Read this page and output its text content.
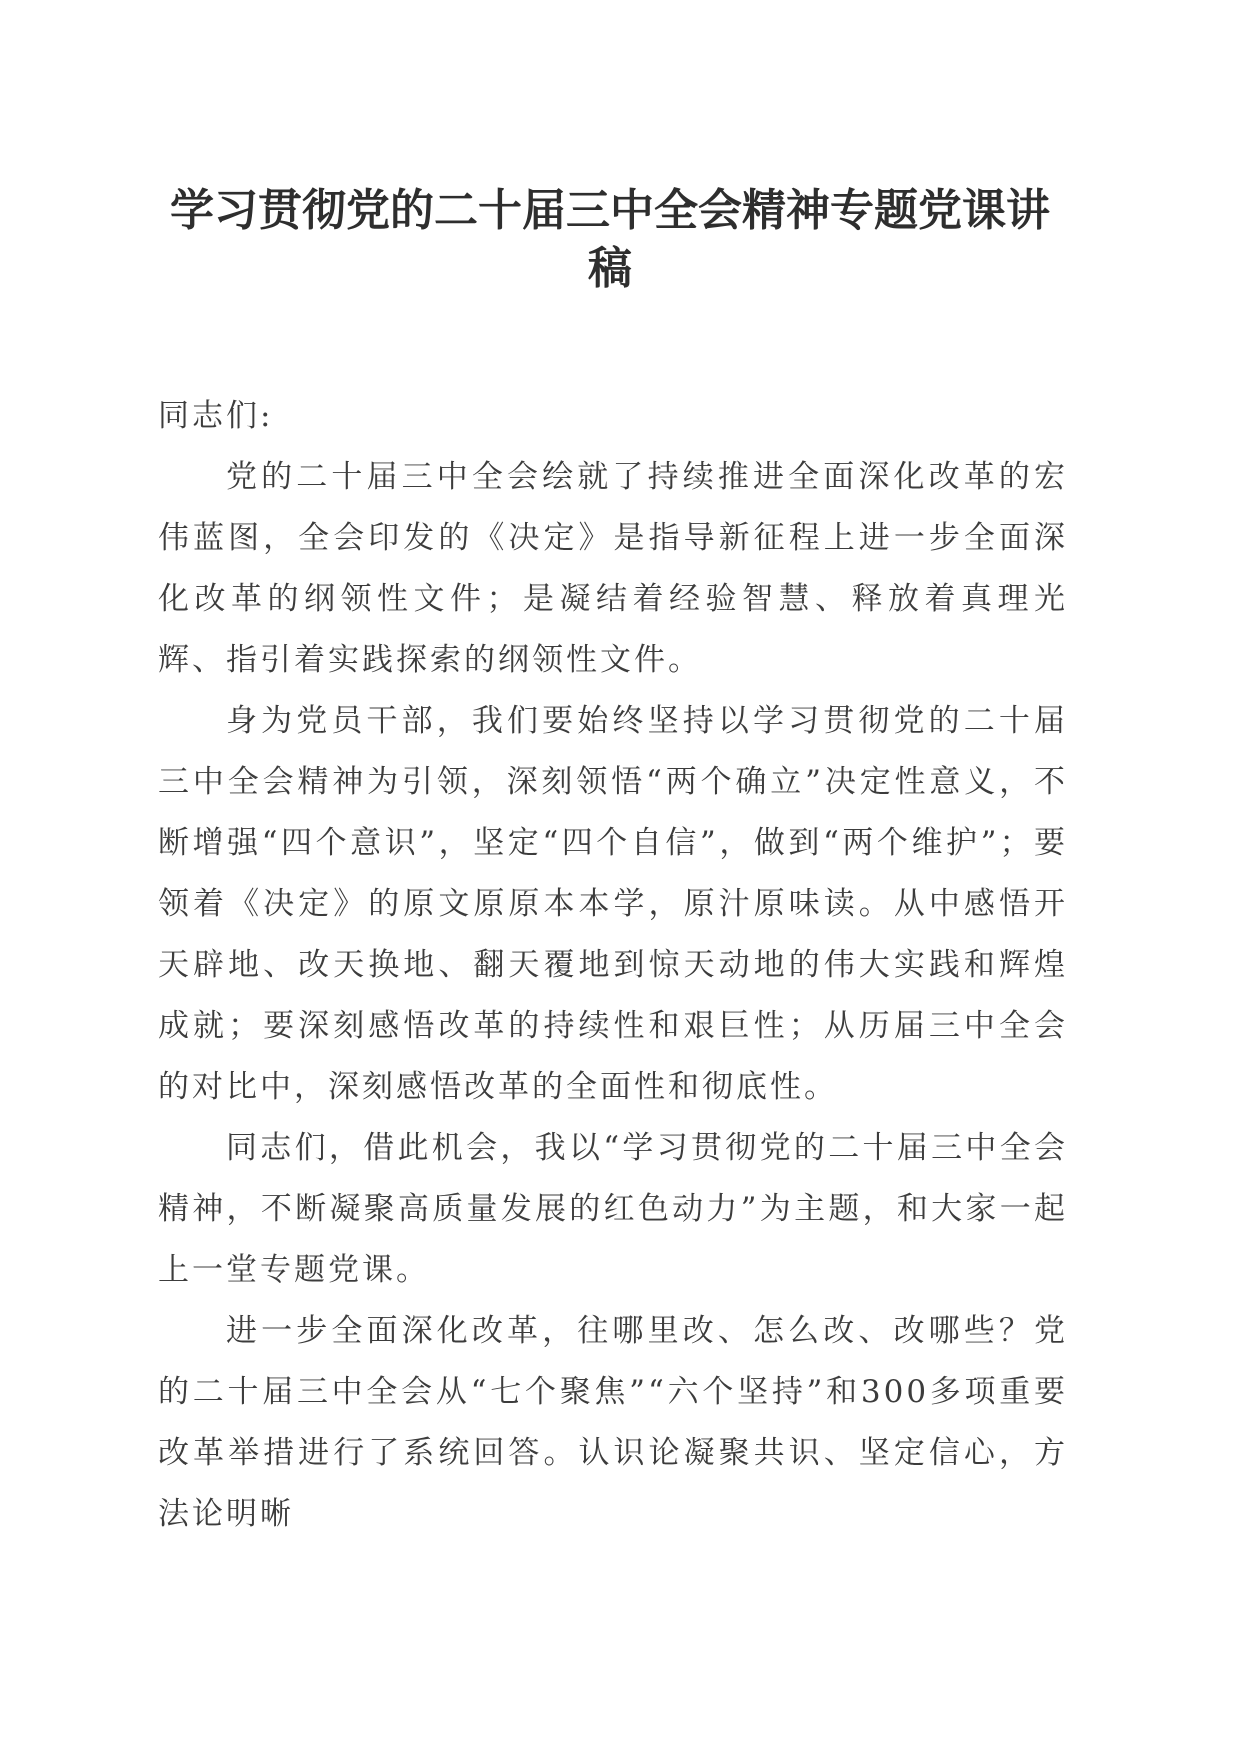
学习贯彻党的二十届三中全会精神专题党课讲稿

同志们:

党的二十届三中全会绘就了持续推进全面深化改革的宏伟蓝图，全会印发的《决定》是指导新征程上进一步全面深化改革的纲领性文件；是凝结着经验智慧、释放着真理光辉、指引着实践探索的纲领性文件。

身为党员干部，我们要始终坚持以学习贯彻党的二十届三中全会精神为引领，深刻领悟“两个确立”决定性意义，不断增强“四个意识”，坚定“四个自信”，做到“两个维护”；要领着《决定》的原文原原本本学，原汁原味读。从中感悟开天辟地、改天换地、翻天覆地到惊天动地的伟大实践和辉煌成就；要深刻感悟改革的持续性和艰巨性；从历届三中全会的对比中，深刻感悟改革的全面性和彻底性。

同志们，借此机会，我以“学习贯彻党的二十届三中全会精神，不断凝聚高质量发展的红色动力”为主题，和大家一起上一堂专题党课。

进一步全面深化改革，往哪里改、怎么改、改哪些？党的二十届三中全会从“七个聚焦”“六个坚持”和300多项重要改革举措进行了系统回答。认识论凝聚共识、坚定信心，方法论明晰
